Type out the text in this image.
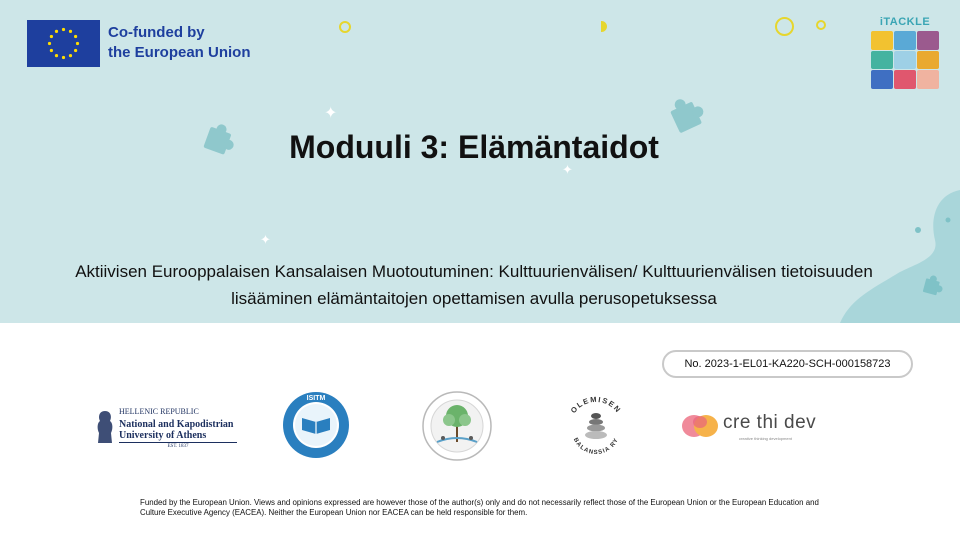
Co-funded by
the European Union
✦
✦
✦
iTACKLE
Moduuli 3: Elämäntaidot
Aktiivisen Eurooppalaisen Kansalaisen Muotoutuminen: Kulttuurienvälisen/ Kulttuurienvälisen tietoisuuden lisääminen elämäntaitojen opettamisen avulla perusopetuksessa
No. 2023-1-EL01-KA220-SCH-000158723
HELLENIC REPUBLIC
National and Kapodistrian University of Athens
EST. 1837
ISITM
OLEMISEN
BALANSSIA RY
cre thi dev
creative thinking development
Funded by the European Union. Views and opinions expressed are however those of the author(s) only and do not necessarily reflect those of the European Union or the European Education and Culture Executive Agency (EACEA). Neither the European Union nor EACEA can be held responsible for them.
